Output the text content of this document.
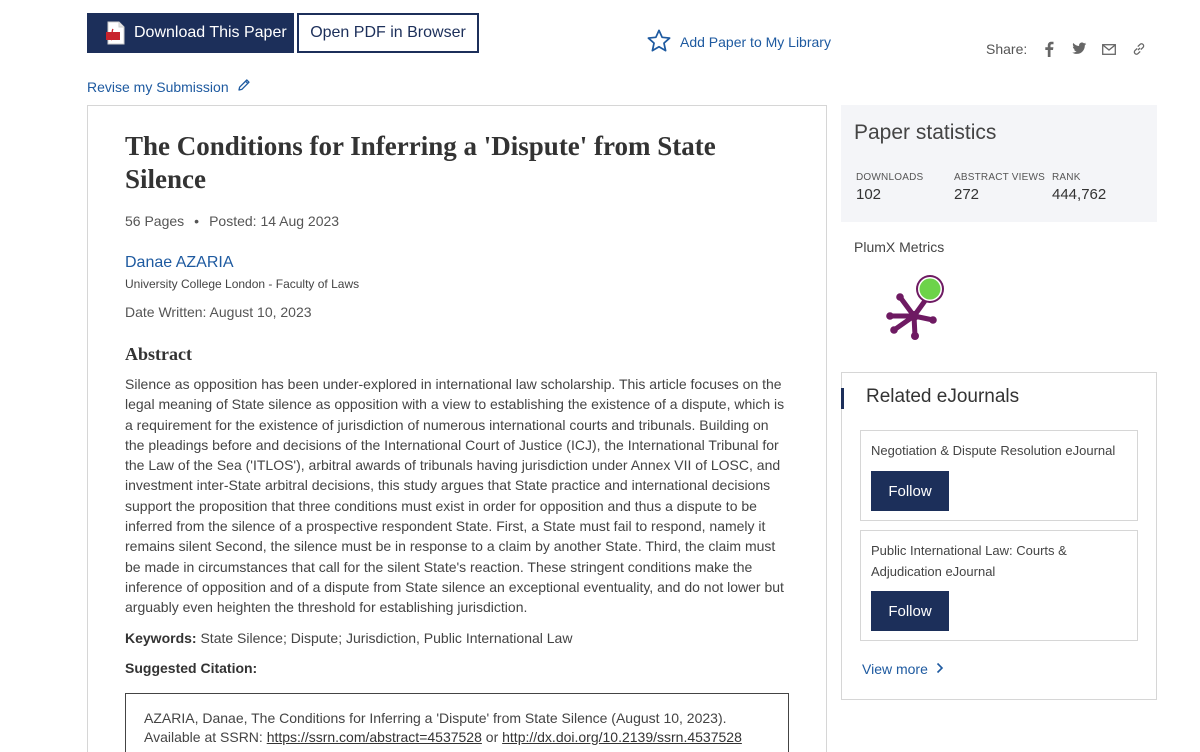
Download This Paper Open PDF in Browser
Add Paper to My Library	Share:
Revise my Submission
The Conditions for Inferring a 'Dispute' from State Silence
56 Pages • Posted: 14 Aug 2023
Danae AZARIA
University College London - Faculty of Laws
Date Written: August 10, 2023
Abstract

Silence as opposition has been under-explored in international law scholarship. This article focuses on the legal meaning of State silence as opposition with a view to establishing the existence of a dispute, which is a requirement for the existence of jurisdiction of numerous international courts and tribunals. Building on the pleadings before and decisions of the International Court of Justice (ICJ), the International Tribunal for the Law of the Sea ('ITLOS'), arbitral awards of tribunals having jurisdiction under Annex VII of LOSC, and investment inter-State arbitral decisions, this study argues that State practice and international decisions support the proposition that three conditions must exist in order for opposition and thus a dispute to be inferred from the silence of a prospective respondent State. First, a State must fail to respond, namely it remains silent Second, the silence must be in response to a claim by another State. Third, the claim must be made in circumstances that call for the silent State's reaction. These stringent conditions make the inference of opposition and of a dispute from State silence an exceptional eventuality, and do not lower but arguably even heighten the threshold for establishing jurisdiction.

Keywords: State Silence; Dispute; Jurisdiction, Public International Law
Suggested Citation:
AZARIA, Danae, The Conditions for Inferring a 'Dispute' from State Silence (August 10, 2023).
Available at SSRN: https://ssrn.com/abstract=4537528 or http://dx.doi.org/10.2139/ssrn.4537528
Paper statistics
DOWNLOADS
102
ABSTRACT VIEWS
272
RANK
444,762
PlumX Metrics
Related eJournals
Negotiation & Dispute Resolution eJournal
Follow
Public International Law: Courts & Adjudication eJournal
Follow
View more
